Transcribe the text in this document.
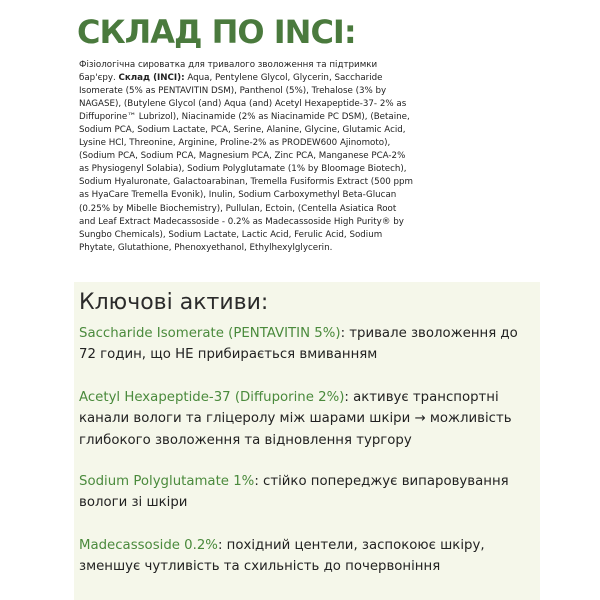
СКЛАД ПО INCI:

Фізіологічна сироватка для тривалого зволоження та підтримки бар'єру. Склад (INCI): Aqua, Pentylene Glycol, Glycerin, Saccharide Isomerate (5% as PENTAVITIN DSM), Panthenol (5%), Trehalose (3% by NAGASE), (Butylene Glycol (and) Aqua (and) Acetyl Hexapeptide-37- 2% as Diffuporine™ Lubrizol), Niacinamide (2% as Niacinamide PC DSM), (Betaine, Sodium PCA, Sodium Lactate, PCA, Serine, Alanine, Glycine, Glutamic Acid, Lysine HCl, Threonine, Arginine, Proline-2% as PRODEW600 Ajinomoto), (Sodium PCA, Sodium PCA, Magnesium PCA, Zinc PCA, Manganese PCA-2% as Physiogenyl Solabia), Sodium Polyglutamate (1% by Bloomage Biotech), Sodium Hyaluronate, Galactoarabinan, Tremella Fusiformis Extract (500 ppm as HyaCare Tremella Evonik), Inulin, Sodium Carboxymethyl Beta-Glucan (0.25% by Mibelle Biochemistry), Pullulan, Ectoin, (Centella Asiatica Root and Leaf Extract Madecassoside - 0.2% as Madecassoside High Purity® by Sungbo Chemicals), Sodium Lactate, Lactic Acid, Ferulic Acid, Sodium Phytate, Glutathione, Phenoxyethanol, Ethylhexylglycerin.

Ключові активи:

Saccharide Isomerate (PENTAVITIN 5%): тривале зволоження до 72 годин, що НЕ прибирається вмиванням

Acetyl Hexapeptide-37 (Diffuporine 2%): активує транспортні канали вологи та гліцеролу між шарами шкіри → можливість глибокого зволоження та відновлення тургору

Sodium Polyglutamate 1%: стійко попереджує випаровування вологи зі шкіри

Madecassoside 0.2%: похідний центели, заспокоює шкіру, зменшує чутливість та схильність до почервоніння
